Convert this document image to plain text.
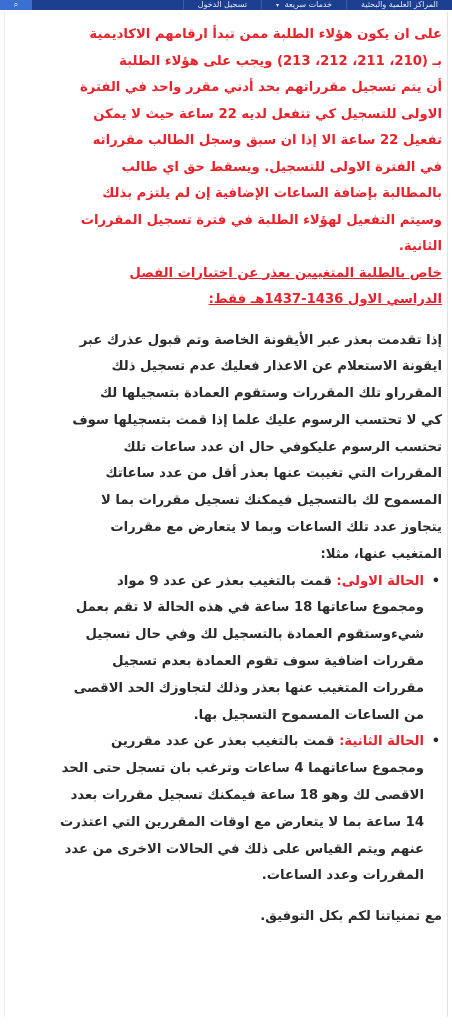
المراكز العلمية والبحثية
خدمات سريعة ▾
تسجيل الدخول
⌕
على ان يكون هؤلاء الطلبة ممن تبدأ ارقامهم الاكاديمية
بـ (210، 211، 212، 213) ويجب على هؤلاء الطلبة
أن يتم تسجيل مقرراتهم بحد أدني مقرر واحد في الفترة
الاولى للتسجيل كي تتفعل لديه 22 ساعة حيث لا يمكن
تفعيل 22 ساعة الا إذا ان سبق وسجل الطالب مقرراته
في الفترة الاولى للتسجيل. ويسقط حق اي طالب
بالمطالبة بإضافة الساعات الإضافية إن لم يلتزم بذلك
وسيتم التفعيل لهؤلاء الطلبة في فترة تسجيل المقررات
الثانية.
خاص بالطلبة المتغيبين بعذر عن اختبارات الفصل
الدراسي الاول 1436-1437هـ فقط:
إذا تقدمت بعذر عبر الأيقونة الخاصة وتم قبول عذرك عبر
ايقونة الاستعلام عن الاعذار فعليك عدم تسجيل ذلك
المقرراو تلك المقررات وستقوم العمادة بتسجيلها لك
كي لا تحتسب الرسوم عليك علما إذا قمت بتسجيلها سوف
تحتسب الرسوم عليكوفي حال ان عدد ساعات تلك
المقررات التي تغيبت عنها بعذر أقل من عدد ساعاتك
المسموح لك بالتسجيل فيمكنك تسجيل مقررات بما لا
يتجاوز عدد تلك الساعات وبما لا يتعارض مع مقررات
المتغيب عنها، مثلا:
•
الحالة الاولى: قمت بالتغيب بعذر عن عدد 9 مواد
ومجموع ساعاتها 18 ساعة في هذه الحالة لا تقم بعمل
شيءوستقوم العمادة بالتسجيل لك وفي حال تسجيل
مقررات اضافية سوف تقوم العمادة بعدم تسجيل
مقررات المتغيب عنها بعذر وذلك لتجاوزك الحد الاقصى
من الساعات المسموح التسجيل بها.
•
الحالة الثانية: قمت بالتغيب بعذر عن عدد مقررين
ومجموع ساعاتهما 4 ساعات وترغب بان تسجل حتى الحد
الاقصى لك وهو 18 ساعة فيمكنك تسجيل مقررات بعدد
14 ساعة بما لا يتعارض مع اوقات المقررين التي اعتذرت
عنهم ويتم القياس على ذلك في الحالات الاخرى من عدد
المقررات وعدد الساعات.
مع تمنياتنا لكم بكل التوفيق.
